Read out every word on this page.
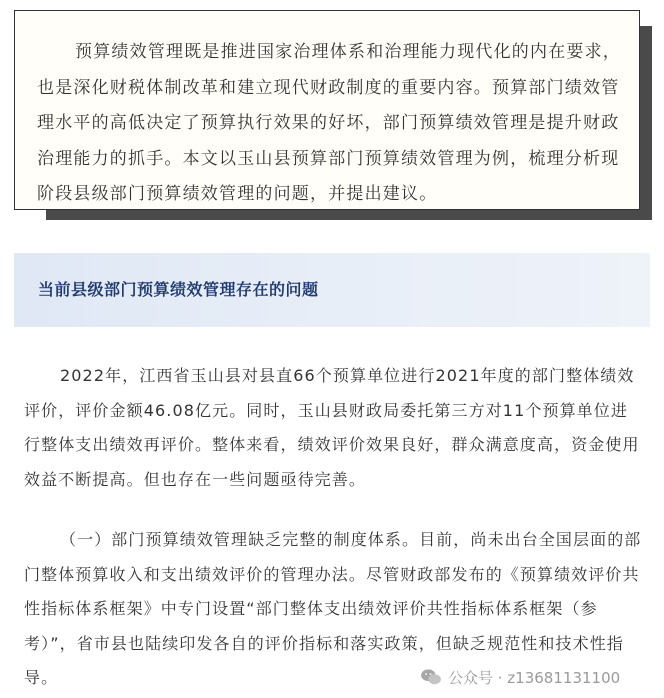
预算绩效管理既是推进国家治理体系和治理能力现代化的内在要求，也是深化财税体制改革和建立现代财政制度的重要内容。预算部门绩效管理水平的高低决定了预算执行效果的好坏，部门预算绩效管理是提升财政治理能力的抓手。本文以玉山县预算部门预算绩效管理为例，梳理分析现阶段县级部门预算绩效管理的问题，并提出建议。

当前县级部门预算绩效管理存在的问题

2022年，江西省玉山县对县直66个预算单位进行2021年度的部门整体绩效评价，评价金额46.08亿元。同时，玉山县财政局委托第三方对11个预算单位进行整体支出绩效再评价。整体来看，绩效评价效果良好，群众满意度高，资金使用效益不断提高。但也存在一些问题亟待完善。

（一）部门预算绩效管理缺乏完整的制度体系。目前，尚未出台全国层面的部门整体预算收入和支出绩效评价的管理办法。尽管财政部发布的《预算绩效评价共性指标体系框架》中专门设置“部门整体支出绩效评价共性指标体系框架（参考）”，省市县也陆续印发各自的评价指标和落实政策，但缺乏规范性和技术性指导。	公众号 · z13681131100
